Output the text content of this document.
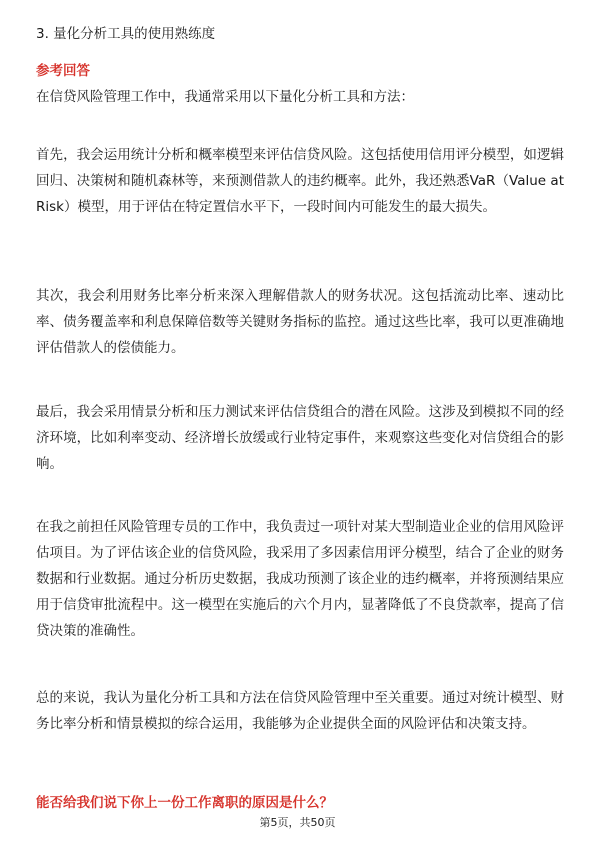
3. 量化分析工具的使用熟练度
参考回答

在信贷风险管理工作中，我通常采用以下量化分析工具和方法：

首先，我会运用统计分析和概率模型来评估信贷风险。这包括使用信用评分模型，如逻辑回归、决策树和随机森林等，来预测借款人的违约概率。此外，我还熟悉VaR（Value at Risk）模型，用于评估在特定置信水平下，一段时间内可能发生的最大损失。

其次，我会利用财务比率分析来深入理解借款人的财务状况。这包括流动比率、速动比率、债务覆盖率和利息保障倍数等关键财务指标的监控。通过这些比率，我可以更准确地评估借款人的偿债能力。

最后，我会采用情景分析和压力测试来评估信贷组合的潜在风险。这涉及到模拟不同的经济环境，比如利率变动、经济增长放缓或行业特定事件，来观察这些变化对信贷组合的影响。

在我之前担任风险管理专员的工作中，我负责过一项针对某大型制造业企业的信用风险评估项目。为了评估该企业的信贷风险，我采用了多因素信用评分模型，结合了企业的财务数据和行业数据。通过分析历史数据，我成功预测了该企业的违约概率，并将预测结果应用于信贷审批流程中。这一模型在实施后的六个月内，显著降低了不良贷款率，提高了信贷决策的准确性。

总的来说，我认为量化分析工具和方法在信贷风险管理中至关重要。通过对统计模型、财务比率分析和情景模拟的综合运用，我能够为企业提供全面的风险评估和决策支持。

能否给我们说下你上一份工作离职的原因是什么？
第5页，共50页
